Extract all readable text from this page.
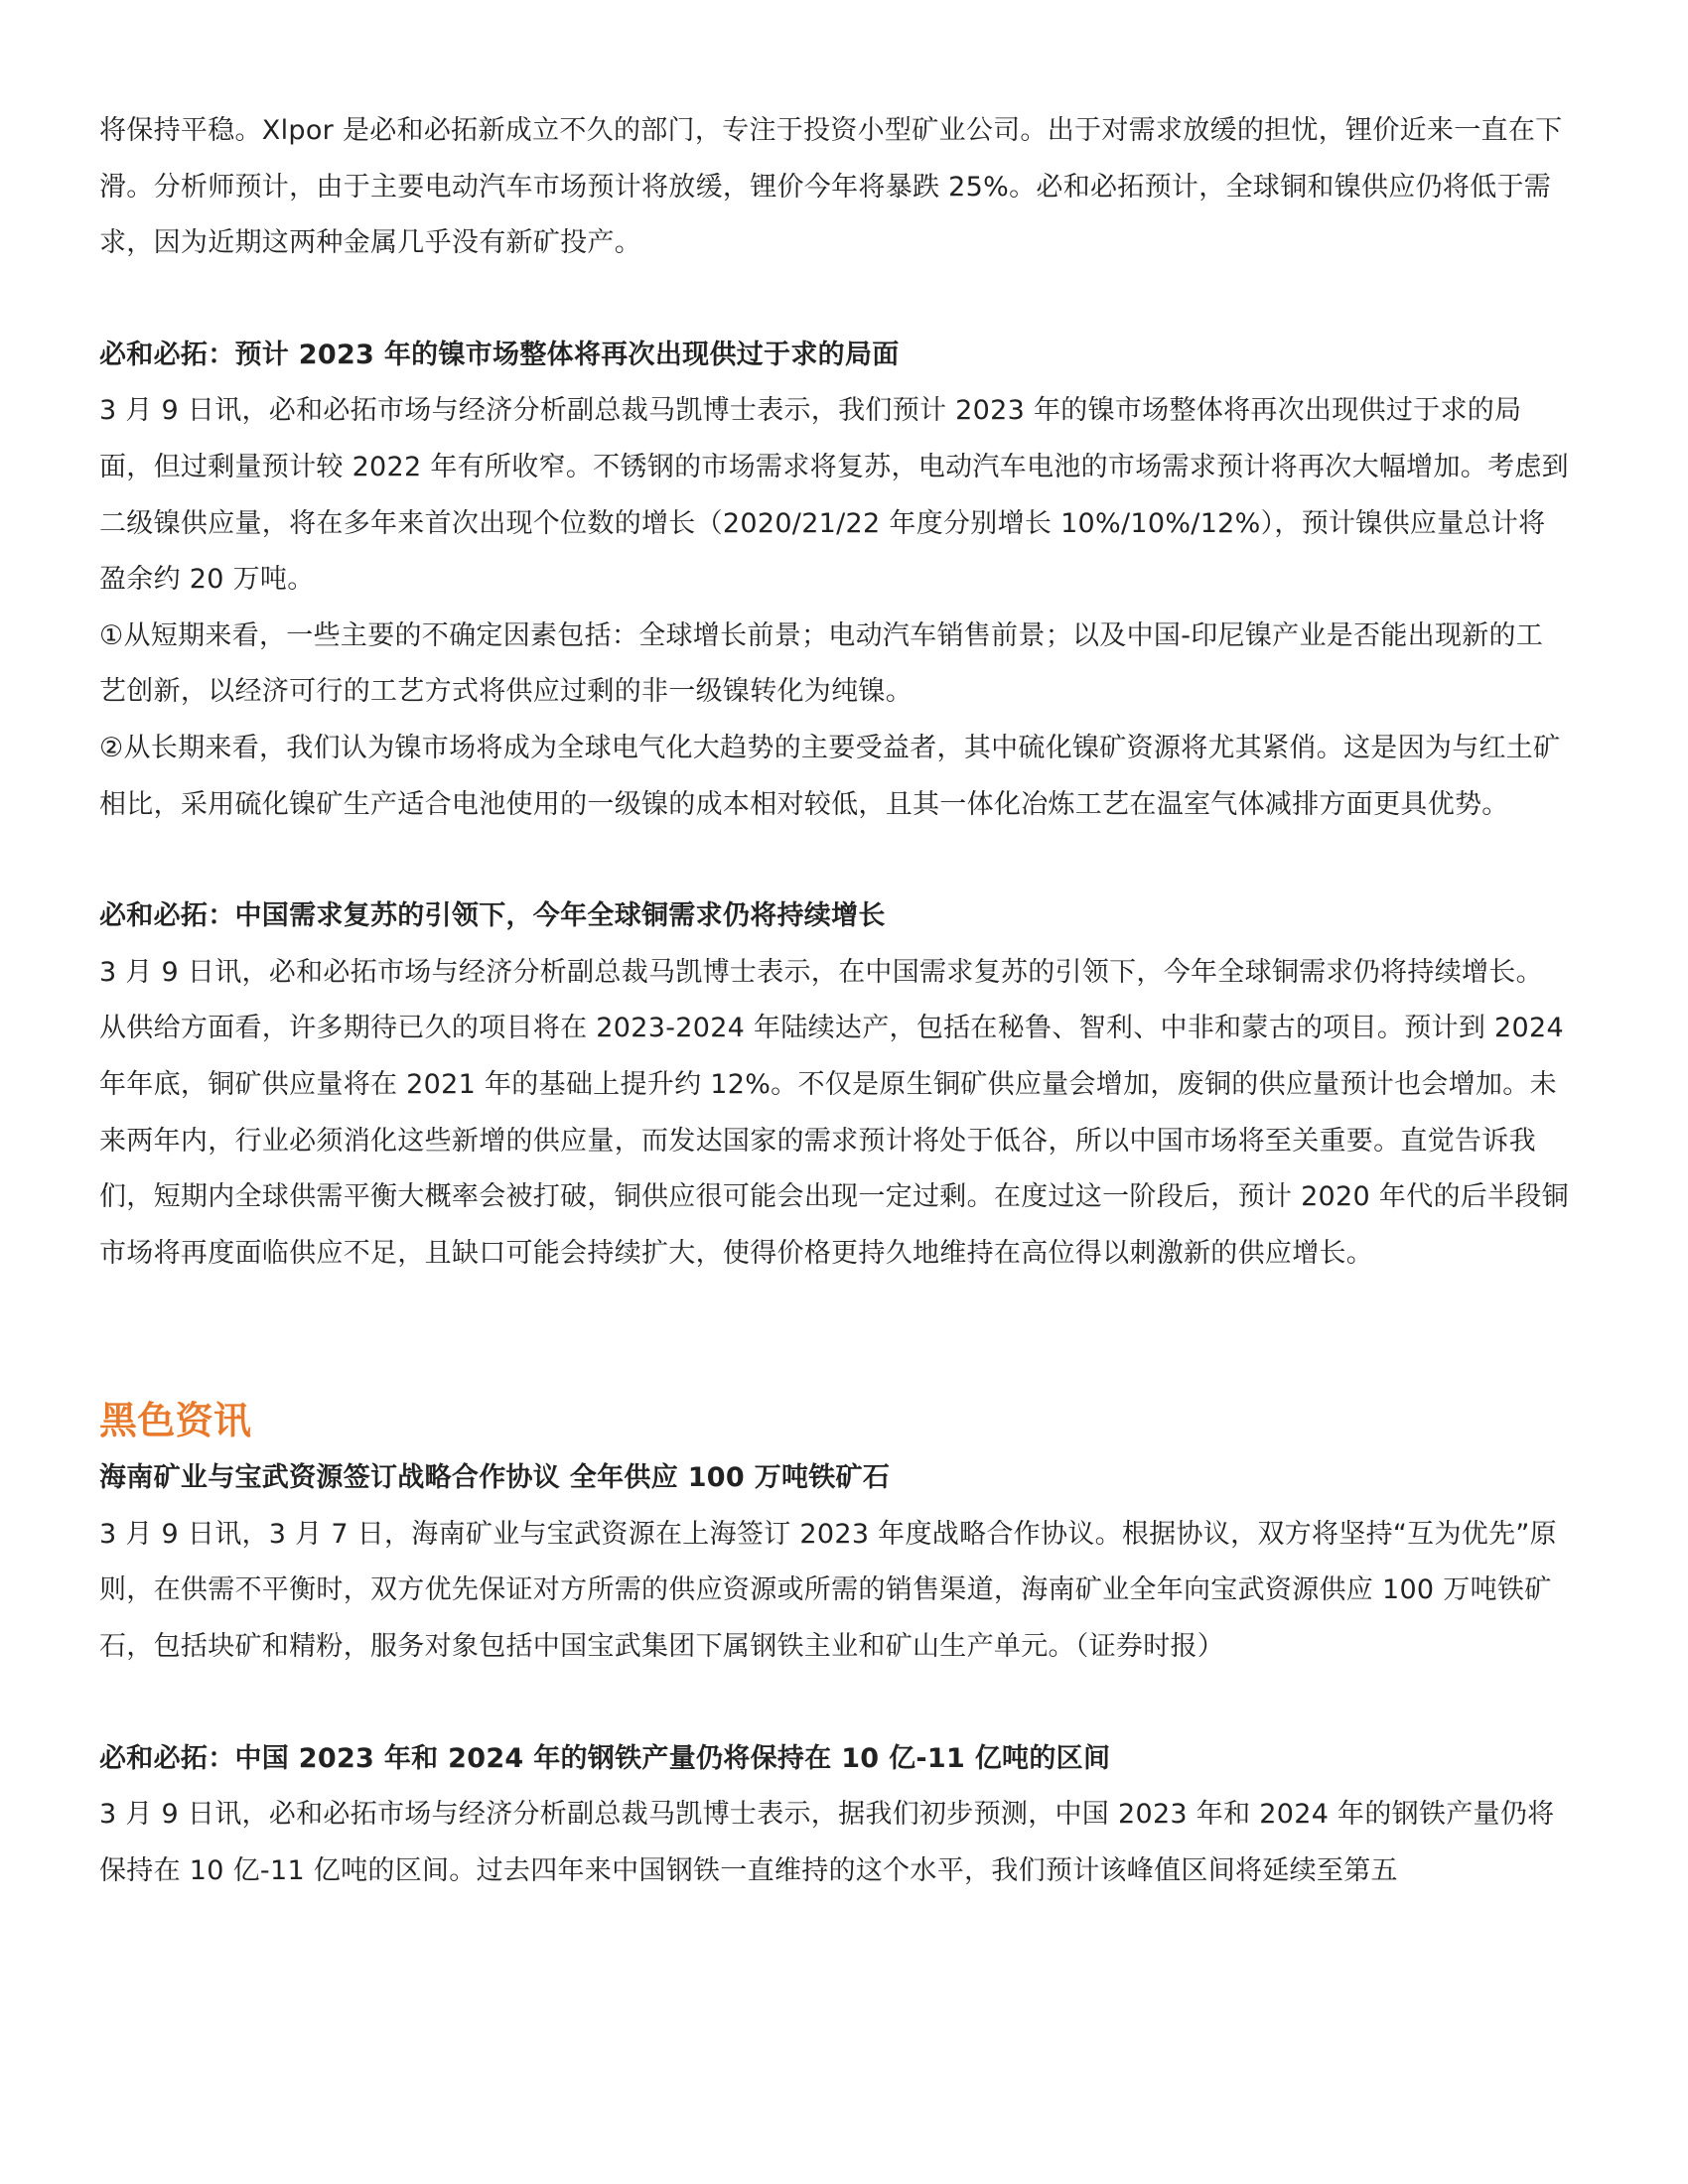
将保持平稳。Xlpor 是必和必拓新成立不久的部门，专注于投资小型矿业公司。出于对需求放缓的担忧，锂价近来一直在下滑。分析师预计，由于主要电动汽车市场预计将放缓，锂价今年将暴跌 25%。必和必拓预计，全球铜和镍供应仍将低于需求，因为近期这两种金属几乎没有新矿投产。

必和必拓：预计 2023 年的镍市场整体将再次出现供过于求的局面

3 月 9 日讯，必和必拓市场与经济分析副总裁马凯博士表示，我们预计 2023 年的镍市场整体将再次出现供过于求的局面，但过剩量预计较 2022 年有所收窄。不锈钢的市场需求将复苏，电动汽车电池的市场需求预计将再次大幅增加。考虑到二级镍供应量，将在多年来首次出现个位数的增长（2020/21/22 年度分别增长 10%/10%/12%），预计镍供应量总计将盈余约 20 万吨。

①从短期来看，一些主要的不确定因素包括：全球增长前景；电动汽车销售前景；以及中国-印尼镍产业是否能出现新的工艺创新，以经济可行的工艺方式将供应过剩的非一级镍转化为纯镍。

②从长期来看，我们认为镍市场将成为全球电气化大趋势的主要受益者，其中硫化镍矿资源将尤其紧俏。这是因为与红土矿相比，采用硫化镍矿生产适合电池使用的一级镍的成本相对较低，且其一体化冶炼工艺在温室气体减排方面更具优势。

必和必拓：中国需求复苏的引领下，今年全球铜需求仍将持续增长

3 月 9 日讯，必和必拓市场与经济分析副总裁马凯博士表示，在中国需求复苏的引领下，今年全球铜需求仍将持续增长。从供给方面看，许多期待已久的项目将在 2023-2024 年陆续达产，包括在秘鲁、智利、中非和蒙古的项目。预计到 2024 年年底，铜矿供应量将在 2021 年的基础上提升约 12%。不仅是原生铜矿供应量会增加，废铜的供应量预计也会增加。未来两年内，行业必须消化这些新增的供应量，而发达国家的需求预计将处于低谷，所以中国市场将至关重要。直觉告诉我们，短期内全球供需平衡大概率会被打破，铜供应很可能会出现一定过剩。在度过这一阶段后，预计 2020 年代的后半段铜市场将再度面临供应不足，且缺口可能会持续扩大，使得价格更持久地维持在高位得以刺激新的供应增长。

黑色资讯

海南矿业与宝武资源签订战略合作协议 全年供应 100 万吨铁矿石

3 月 9 日讯，3 月 7 日，海南矿业与宝武资源在上海签订 2023 年度战略合作协议。根据协议，双方将坚持“互为优先”原则，在供需不平衡时，双方优先保证对方所需的供应资源或所需的销售渠道，海南矿业全年向宝武资源供应 100 万吨铁矿石，包括块矿和精粉，服务对象包括中国宝武集团下属钢铁主业和矿山生产单元。（证券时报）

必和必拓：中国 2023 年和 2024 年的钢铁产量仍将保持在 10 亿-11 亿吨的区间

3 月 9 日讯，必和必拓市场与经济分析副总裁马凯博士表示，据我们初步预测，中国 2023 年和 2024 年的钢铁产量仍将保持在 10 亿-11 亿吨的区间。过去四年来中国钢铁一直维持的这个水平，我们预计该峰值区间将延续至第五
